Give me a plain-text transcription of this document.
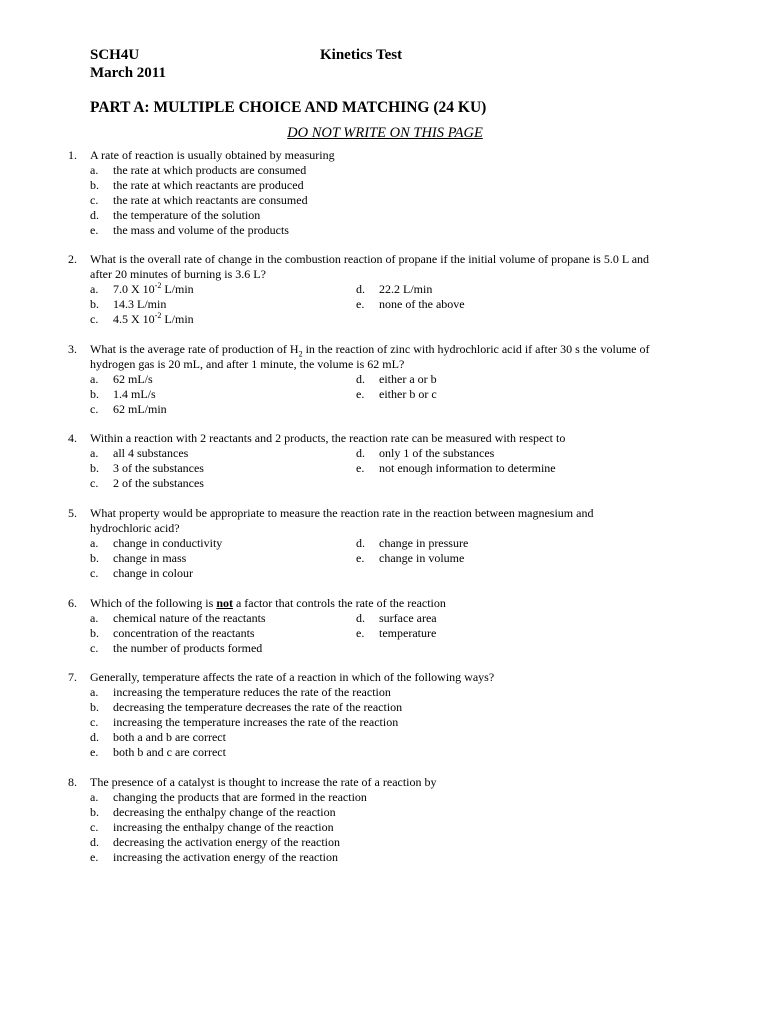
SCH4U
March 2011
Kinetics Test
PART A: MULTIPLE CHOICE AND MATCHING (24 KU)
DO NOT WRITE ON THIS PAGE
1. A rate of reaction is usually obtained by measuring
a. the rate at which products are consumed
b. the rate at which reactants are produced
c. the rate at which reactants are consumed
d. the temperature of the solution
e. the mass and volume of the products
2. What is the overall rate of change in the combustion reaction of propane if the initial volume of propane is 5.0 L and
after 20 minutes of burning is 3.6 L?
a. 7.0 X $10^{-2}$ L/min
b. 14.3 L/min
c. 4.5 X $10^{-2}$ L/min
d. 22.2 L/min
e. none of the above
3. What is the average rate of production of $H_2$ in the reaction of zinc with hydrochloric acid if after 30 s the volume of
hydrogen gas is 20 mL, and after 1 minute, the volume is 62 mL?
a. 62 mL/s
b. 1.4 mL/s
c. 62 mL/min
d. either a or b
e. either b or c
4. Within a reaction with 2 reactants and 2 products, the reaction rate can be measured with respect to
a. all 4 substances
b. 3 of the substances
c. 2 of the substances
d. only 1 of the substances
e. not enough information to determine
5. What property would be appropriate to measure the reaction rate in the reaction between magnesium and
hydrochloric acid?
a. change in conductivity
b. change in mass
c. change in colour
d. change in pressure
e. change in volume
6. Which of the following is not a factor that controls the rate of the reaction
a. chemical nature of the reactants
b. concentration of the reactants
c. the number of products formed
d. surface area
e. temperature
7. Generally, temperature affects the rate of a reaction in which of the following ways?
a. increasing the temperature reduces the rate of the reaction
b. decreasing the temperature decreases the rate of the reaction
c. increasing the temperature increases the rate of the reaction
d. both a and b are correct
e. both b and c are correct
8. The presence of a catalyst is thought to increase the rate of a reaction by
a. changing the products that are formed in the reaction
b. decreasing the enthalpy change of the reaction
c. increasing the enthalpy change of the reaction
d. decreasing the activation energy of the reaction
e. increasing the activation energy of the reaction
